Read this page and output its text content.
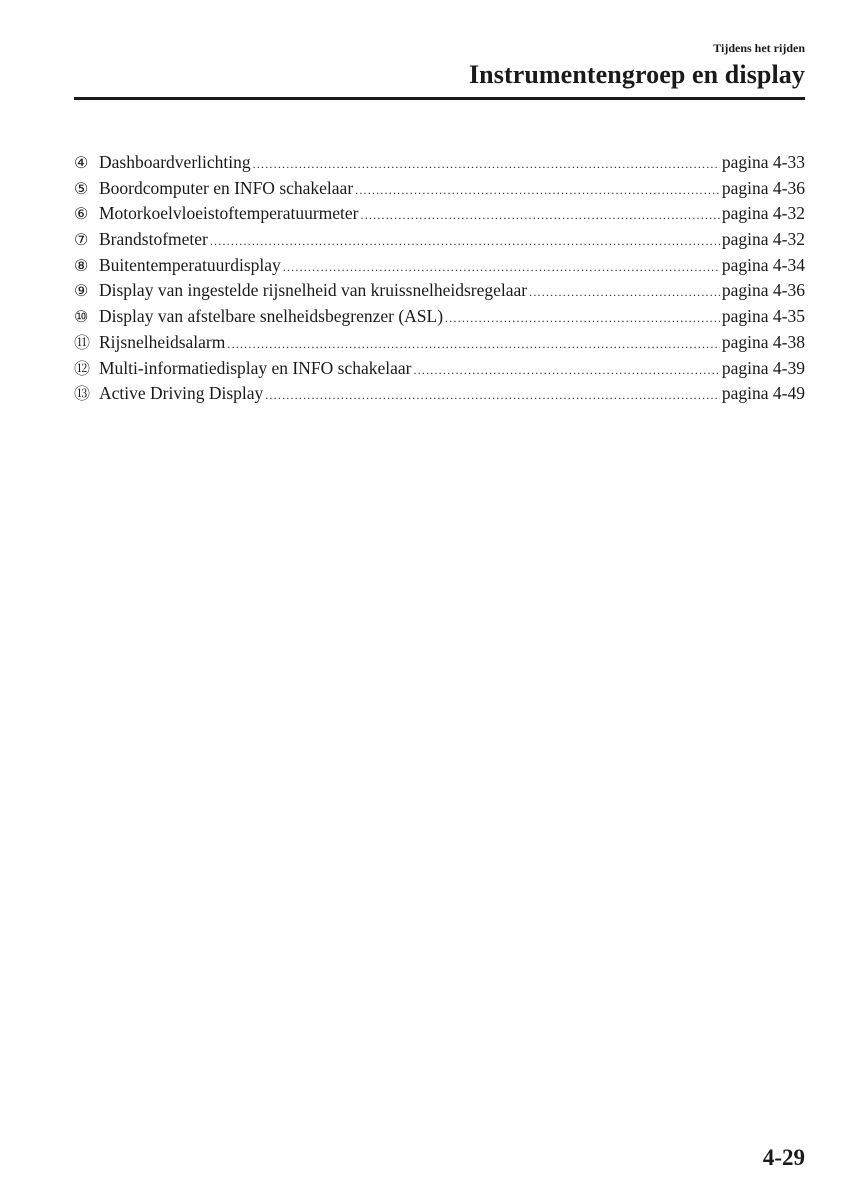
Tijdens het rijden
Instrumentengroep en display
④ Dashboardverlichting .....	pagina 4-33
⑤ Boordcomputer en INFO schakelaar .....	pagina 4-36
⑥ Motorkoelvloeistoftemperatuurmeter .....	pagina 4-32
⑦ Brandstofmeter .....	pagina 4-32
⑧ Buitentemperatuurdisplay .....	pagina 4-34
⑨ Display van ingestelde rijsnelheid van kruissnelheidsregelaar .....	pagina 4-36
⑩ Display van afstelbare snelheidsbegrenzer (ASL) .....	pagina 4-35
⑪ Rijsnelheidsalarm .....	pagina 4-38
⑫ Multi-informatiedisplay en INFO schakelaar .....	pagina 4-39
⑬ Active Driving Display .....	pagina 4-49
4-29
